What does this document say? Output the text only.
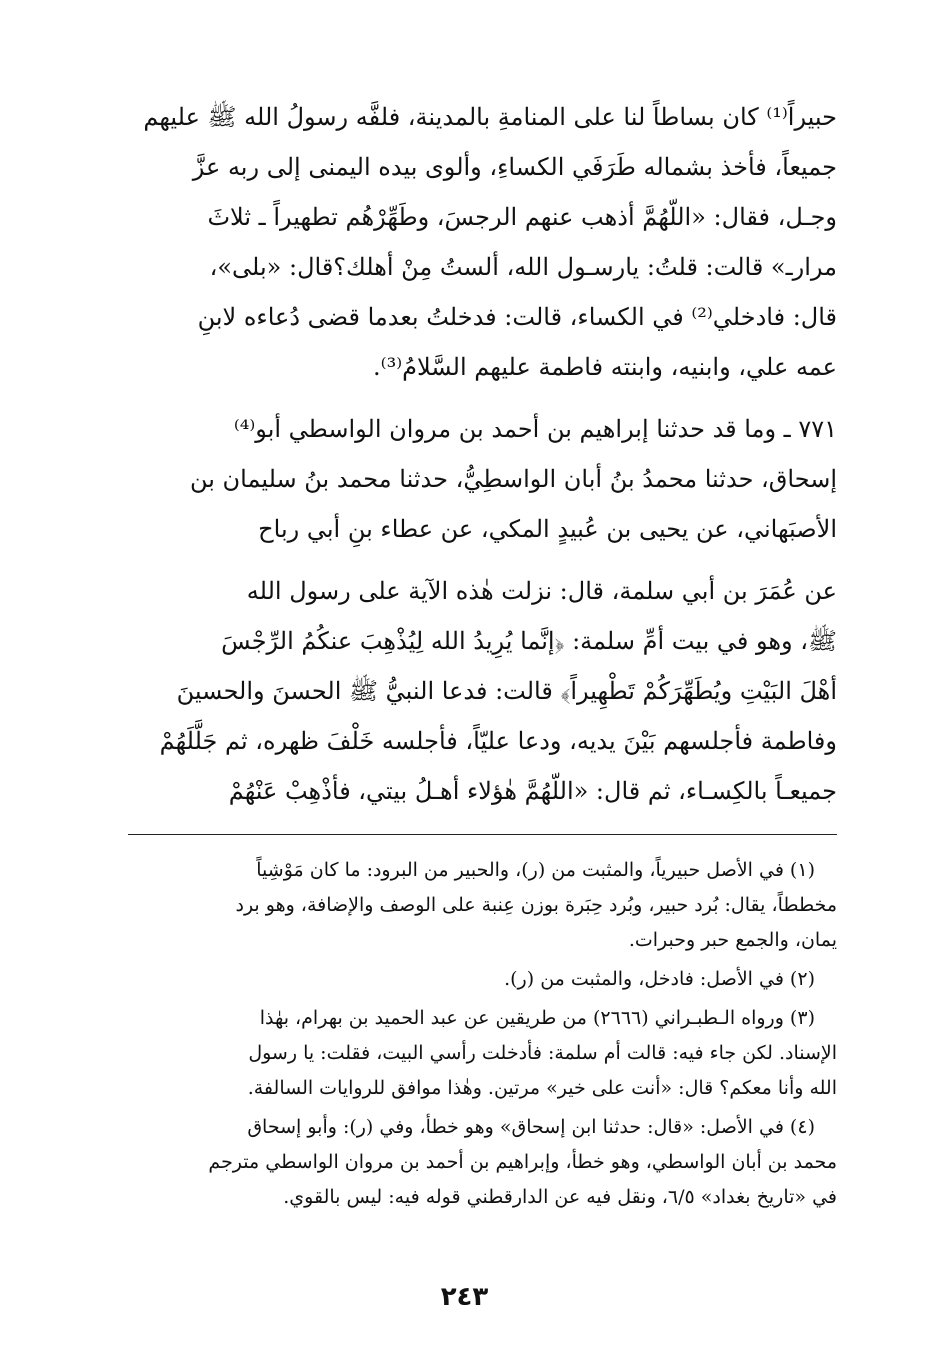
حبيراً⁽¹⁾ كان بساطاً لنا على المنامةِ بالمدينة، فلفَّه رسولُ الله ﷺ عليهم
جميعاً، فأخذ بشماله طَرَفَي الكساءِ، وألوى بيده اليمنى إلى ربه عزَّ
وجـل، فقال: «اللّهُمَّ أذهب عنهم الرجسَ، وطَهِّرْهُم تطهيراً ـ ثلاثَ
مرارـ» قالت: قلتُ: يارسـول الله، ألستُ مِنْ أهلك؟قال: «بلى»،
قال: فادخلي⁽²⁾ في الكساء، قالت: فدخلتُ بعدما قضى دُعاءه لابنِ
عمه علي، وابنيه، وابنته فاطمة عليهم السَّلامُ⁽³⁾.

٧٧١ ـ وما قد حدثنا إبراهيم بن أحمد بن مروان الواسطي أبو⁽⁴⁾
إسحاق، حدثنا محمدُ بنُ أبان الواسطِيُّ، حدثنا محمد بنُ سليمان بن
الأصبَهاني، عن يحيى بن عُبيدٍ المكي، عن عطاء بنِ أبي رباح

عن عُمَرَ بن أبي سلمة، قال: نزلت هٰذه الآية على رسول الله
ﷺ، وهو في بيت أمِّ سلمة: ﴿إنَّما يُرِيدُ الله لِيُذْهِبَ عنكُمُ الرِّجْسَ
أهْلَ البَيْتِ ويُطَهِّرَكُمْ تَطْهِيراً﴾ قالت: فدعا النبيُّ ﷺ الحسنَ والحسينَ
وفاطمة فأجلسهم بَيْنَ يديه، ودعا عليّاً، فأجلسه خَلْفَ ظهره، ثم جَلَّلَهُمْ
جميعـاً بالكِسـاء، ثم قال: «اللّهُمَّ هٰؤلاء أهـلُ بيتي، فأذْهِبْ عَنْهُمْ

(١) في الأصل حبيرياً، والمثبت من (ر)، والحبير من البرود: ما كان مَوْشِياً
مخططاً، يقال: بُرد حبير، وبُرد حِبَرة بوزن عِنبة على الوصف والإضافة، وهو برد
يمان، والجمع حبر وحبرات.
(٢) في الأصل: فادخل، والمثبت من (ر).
(٣) ورواه الـطبـراني (٢٦٦٦) من طريقين عن عبد الحميد بن بهرام، بهٰذا
الإسناد. لكن جاء فيه: قالت أم سلمة: فأدخلت رأسي البيت، فقلت: يا رسول
الله وأنا معكم؟ قال: «أنت على خير» مرتين. وهٰذا موافق للروايات السالفة.
(٤) في الأصل: «قال: حدثنا ابن إسحاق» وهو خطأ، وفي (ر): وأبو إسحاق
محمد بن أبان الواسطي، وهو خطأ، وإبراهيم بن أحمد بن مروان الواسطي مترجم
في «تاريخ بغداد» ٦/٥، ونقل فيه عن الدارقطني قوله فيه: ليس بالقوي.
٢٤٣
